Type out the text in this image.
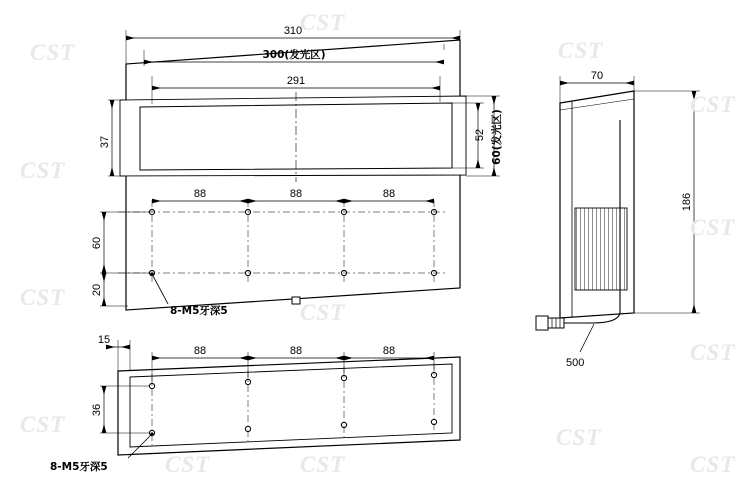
310
300(发光区)
291
37
52 60(发光区)
88	88	88
60
20
8-M5牙深5
500
70
186
15
88	88	88
36
8-M5牙深5
CST
CST
CST
CST
CST
CST
CST
CST
CST
CST
CST
CST	CST
CST
